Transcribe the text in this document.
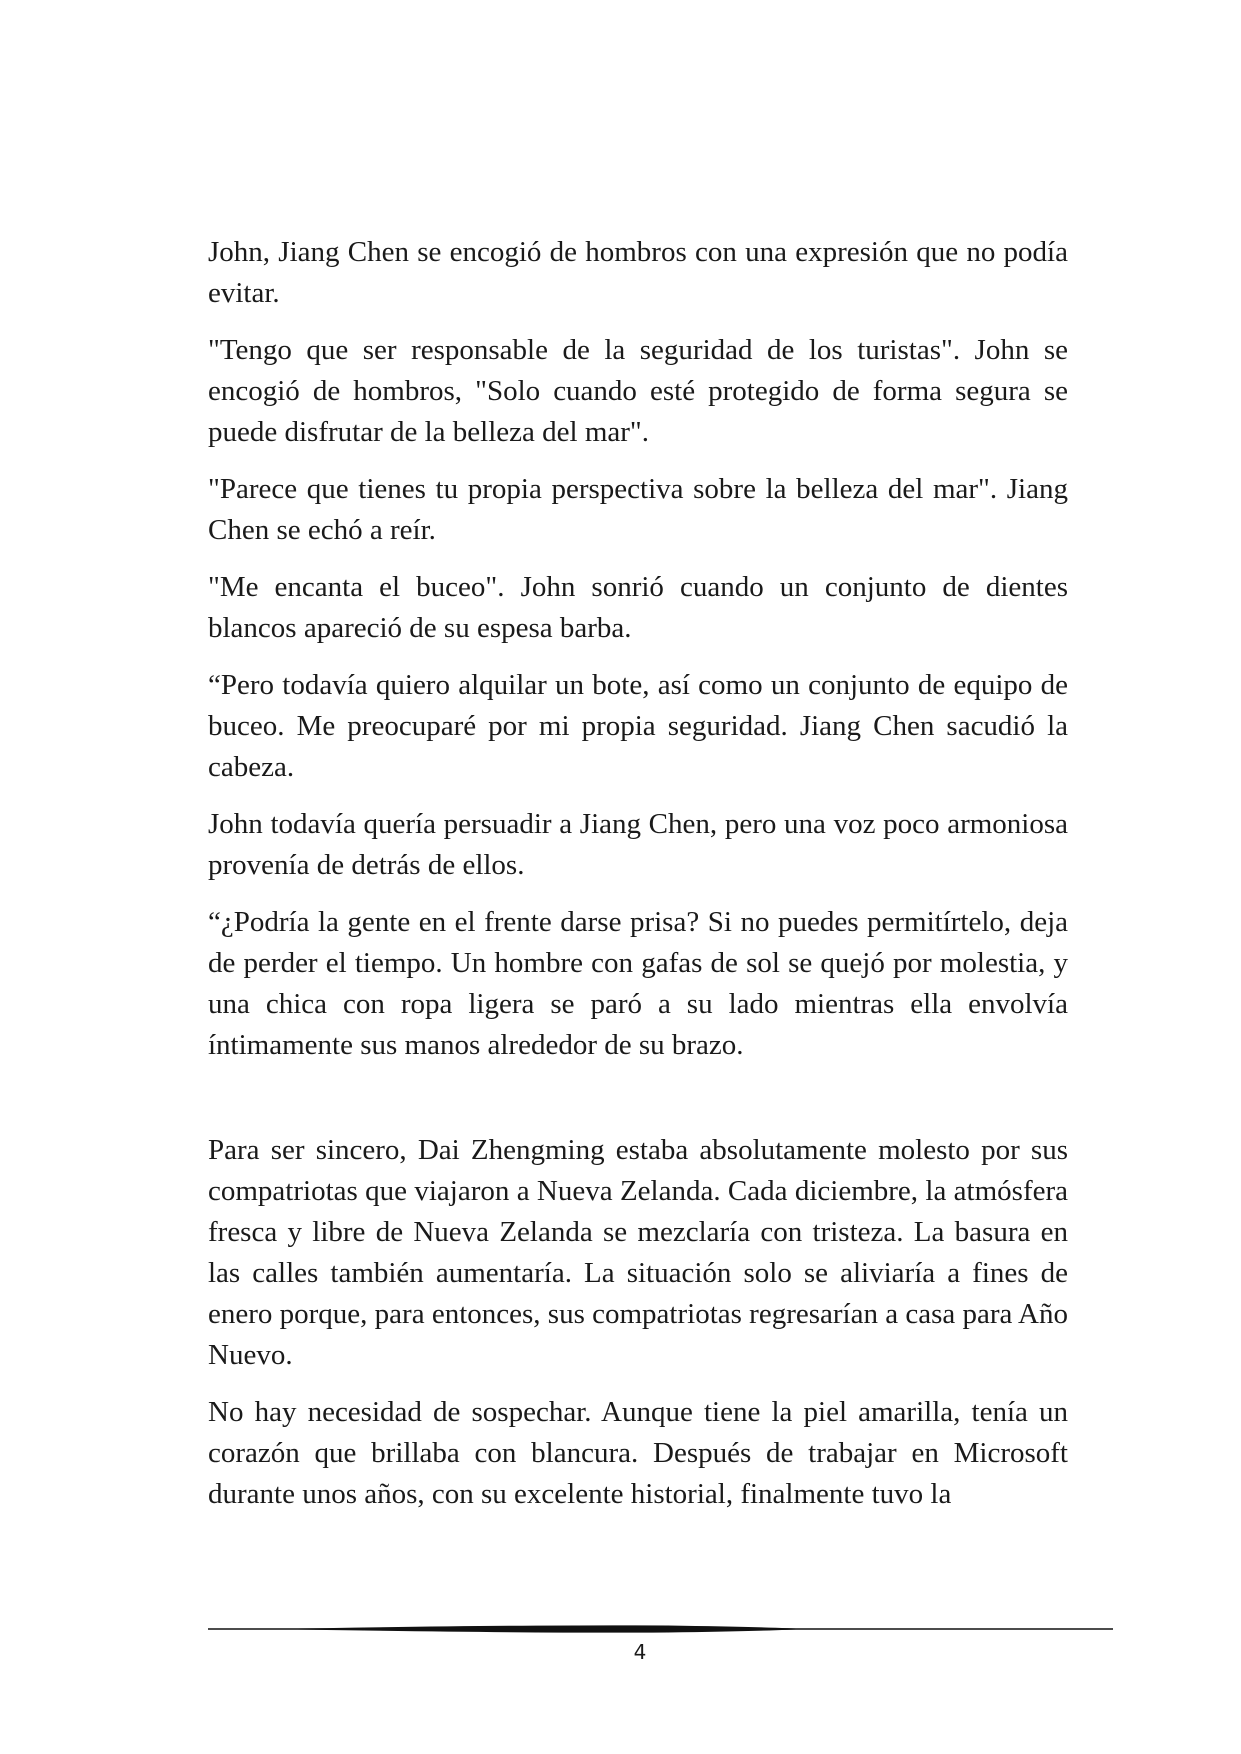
John, Jiang Chen se encogió de hombros con una expresión que no podía evitar.

"Tengo que ser responsable de la seguridad de los turistas". John se encogió de hombros, "Solo cuando esté protegido de forma segura se puede disfrutar de la belleza del mar".

"Parece que tienes tu propia perspectiva sobre la belleza del mar". Jiang Chen se echó a reír.

"Me encanta el buceo". John sonrió cuando un conjunto de dientes blancos apareció de su espesa barba.

“Pero todavía quiero alquilar un bote, así como un conjunto de equipo de buceo. Me preocuparé por mi propia seguridad. Jiang Chen sacudió la cabeza.

John todavía quería persuadir a Jiang Chen, pero una voz poco armoniosa provenía de detrás de ellos.

“¿Podría la gente en el frente darse prisa? Si no puedes permitírtelo, deja de perder el tiempo. Un hombre con gafas de sol se quejó por molestia, y una chica con ropa ligera se paró a su lado mientras ella envolvía íntimamente sus manos alrededor de su brazo.

Para ser sincero, Dai Zhengming estaba absolutamente molesto por sus compatriotas que viajaron a Nueva Zelanda. Cada diciembre, la atmósfera fresca y libre de Nueva Zelanda se mezclaría con tristeza. La basura en las calles también aumentaría. La situación solo se aliviaría a fines de enero porque, para entonces, sus compatriotas regresarían a casa para Año Nuevo.

No hay necesidad de sospechar. Aunque tiene la piel amarilla, tenía un corazón que brillaba con blancura. Después de trabajar en Microsoft durante unos años, con su excelente historial, finalmente tuvo la

4
